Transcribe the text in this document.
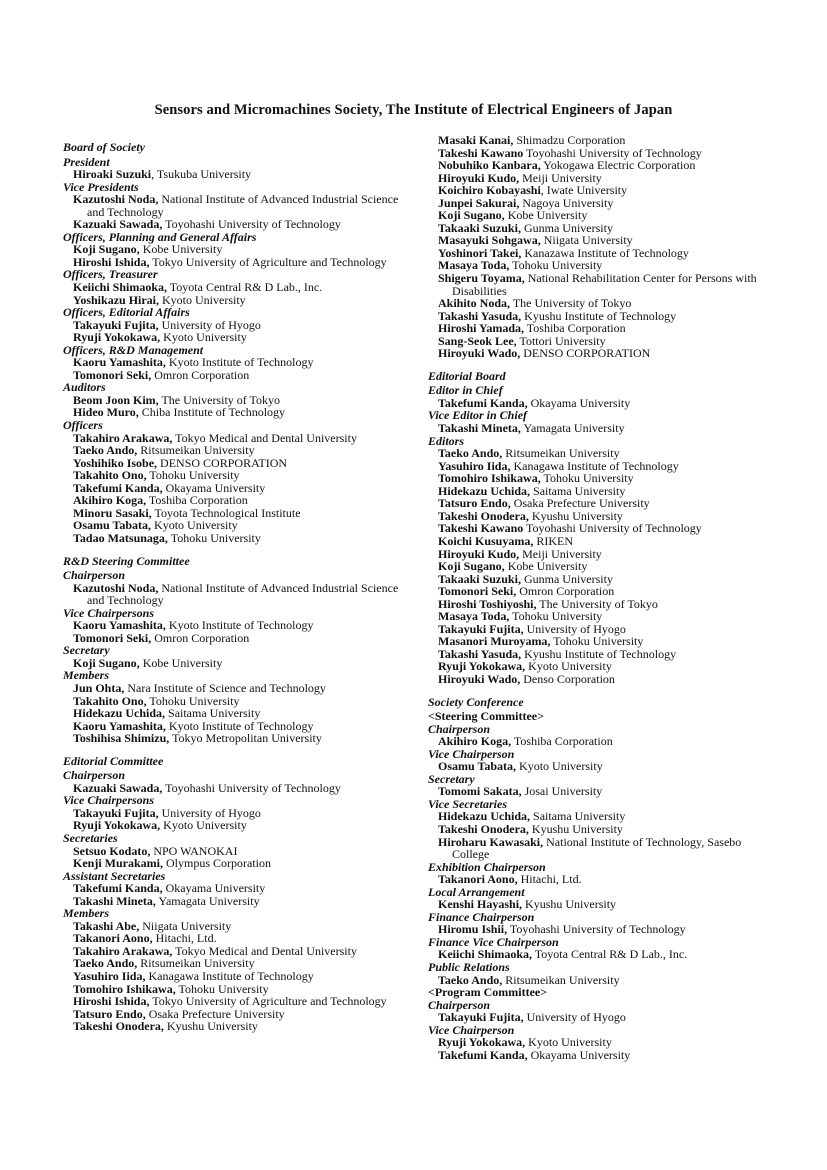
Sensors and Micromachines Society, The Institute of Electrical Engineers of Japan
Board of Society
President
Hiroaki Suzuki, Tsukuba University
Vice Presidents
Kazutoshi Noda, National Institute of Advanced Industrial Science and Technology
Kazuaki Sawada, Toyohashi University of Technology
Officers, Planning and General Affairs
Koji Sugano, Kobe University
Hiroshi Ishida, Tokyo University of Agriculture and Technology
Officers, Treasurer
Keiichi Shimaoka, Toyota Central R& D Lab., Inc.
Yoshikazu Hirai, Kyoto University
Officers, Editorial Affairs
Takayuki Fujita, University of Hyogo
Ryuji Yokokawa, Kyoto University
Officers, R&D Management
Kaoru Yamashita, Kyoto Institute of Technology
Tomonori Seki, Omron Corporation
Auditors
Beom Joon Kim, The University of Tokyo
Hideo Muro, Chiba Institute of Technology
Officers
Takahiro Arakawa, Tokyo Medical and Dental University
Taeko Ando, Ritsumeikan University
Yoshihiko Isobe, DENSO CORPORATION
Takahito Ono, Tohoku University
Takefumi Kanda, Okayama University
Akihiro Koga, Toshiba Corporation
Minoru Sasaki, Toyota Technological Institute
Osamu Tabata, Kyoto University
Tadao Matsunaga, Tohoku University
R&D Steering Committee
Chairperson
Kazutoshi Noda, National Institute of Advanced Industrial Science and Technology
Vice Chairpersons
Kaoru Yamashita, Kyoto Institute of Technology
Tomonori Seki, Omron Corporation
Secretary
Koji Sugano, Kobe University
Members
Jun Ohta, Nara Institute of Science and Technology
Takahito Ono, Tohoku University
Hidekazu Uchida, Saitama University
Kaoru Yamashita, Kyoto Institute of Technology
Toshihisa Shimizu, Tokyo Metropolitan University
Editorial Committee
Chairperson
Kazuaki Sawada, Toyohashi University of Technology
Vice Chairpersons
Takayuki Fujita, University of Hyogo
Ryuji Yokokawa, Kyoto University
Secretaries
Setsuo Kodato, NPO WANOKAI
Kenji Murakami, Olympus Corporation
Assistant Secretaries
Takefumi Kanda, Okayama University
Takashi Mineta, Yamagata University
Members
Takashi Abe, Niigata University
Takanori Aono, Hitachi, Ltd.
Takahiro Arakawa, Tokyo Medical and Dental University
Taeko Ando, Ritsumeikan University
Yasuhiro Iida, Kanagawa Institute of Technology
Tomohiro Ishikawa, Tohoku University
Hiroshi Ishida, Tokyo University of Agriculture and Technology
Tatsuro Endo, Osaka Prefecture University
Takeshi Onodera, Kyushu University
Masaki Kanai, Shimadzu Corporation
Takeshi Kawano Toyohashi University of Technology
Nobuhiko Kanbara, Yokogawa Electric Corporation
Hiroyuki Kudo, Meiji University
Koichiro Kobayashi, Iwate University
Junpei Sakurai, Nagoya University
Koji Sugano, Kobe University
Takaaki Suzuki, Gunma University
Masayuki Sohgawa, Niigata University
Yoshinori Takei, Kanazawa Institute of Technology
Masaya Toda, Tohoku University
Shigeru Toyama, National Rehabilitation Center for Persons with Disabilities
Akihito Noda, The University of Tokyo
Takashi Yasuda, Kyushu Institute of Technology
Hiroshi Yamada, Toshiba Corporation
Sang-Seok Lee, Tottori University
Hiroyuki Wado, DENSO CORPORATION
Editorial Board
Editor in Chief
Takefumi Kanda, Okayama University
Vice Editor in Chief
Takashi Mineta, Yamagata University
Editors
Taeko Ando, Ritsumeikan University
Yasuhiro Iida, Kanagawa Institute of Technology
Tomohiro Ishikawa, Tohoku University
Hidekazu Uchida, Saitama University
Tatsuro Endo, Osaka Prefecture University
Takeshi Onodera, Kyushu University
Takeshi Kawano Toyohashi University of Technology
Koichi Kusuyama, RIKEN
Hiroyuki Kudo, Meiji University
Koji Sugano, Kobe University
Takaaki Suzuki, Gunma University
Tomonori Seki, Omron Corporation
Hiroshi Toshiyoshi, The University of Tokyo
Masaya Toda, Tohoku University
Takayuki Fujita, University of Hyogo
Masanori Muroyama, Tohoku University
Takashi Yasuda, Kyushu Institute of Technology
Ryuji Yokokawa, Kyoto University
Hiroyuki Wado, Denso Corporation
Society Conference
<Steering Committee>
Chairperson
Akihiro Koga, Toshiba Corporation
Vice Chairperson
Osamu Tabata, Kyoto University
Secretary
Tomomi Sakata, Josai University
Vice Secretaries
Hidekazu Uchida, Saitama University
Takeshi Onodera, Kyushu University
Hiroharu Kawasaki, National Institute of Technology, Sasebo College
Exhibition Chairperson
Takanori Aono, Hitachi, Ltd.
Local Arrangement
Kenshi Hayashi, Kyushu University
Finance Chairperson
Hiromu Ishii, Toyohashi University of Technology
Finance Vice Chairperson
Keiichi Shimaoka, Toyota Central R& D Lab., Inc.
Public Relations
Taeko Ando, Ritsumeikan University
<Program Committee>
Chairperson
Takayuki Fujita, University of Hyogo
Vice Chairperson
Ryuji Yokokawa, Kyoto University
Takefumi Kanda, Okayama University
